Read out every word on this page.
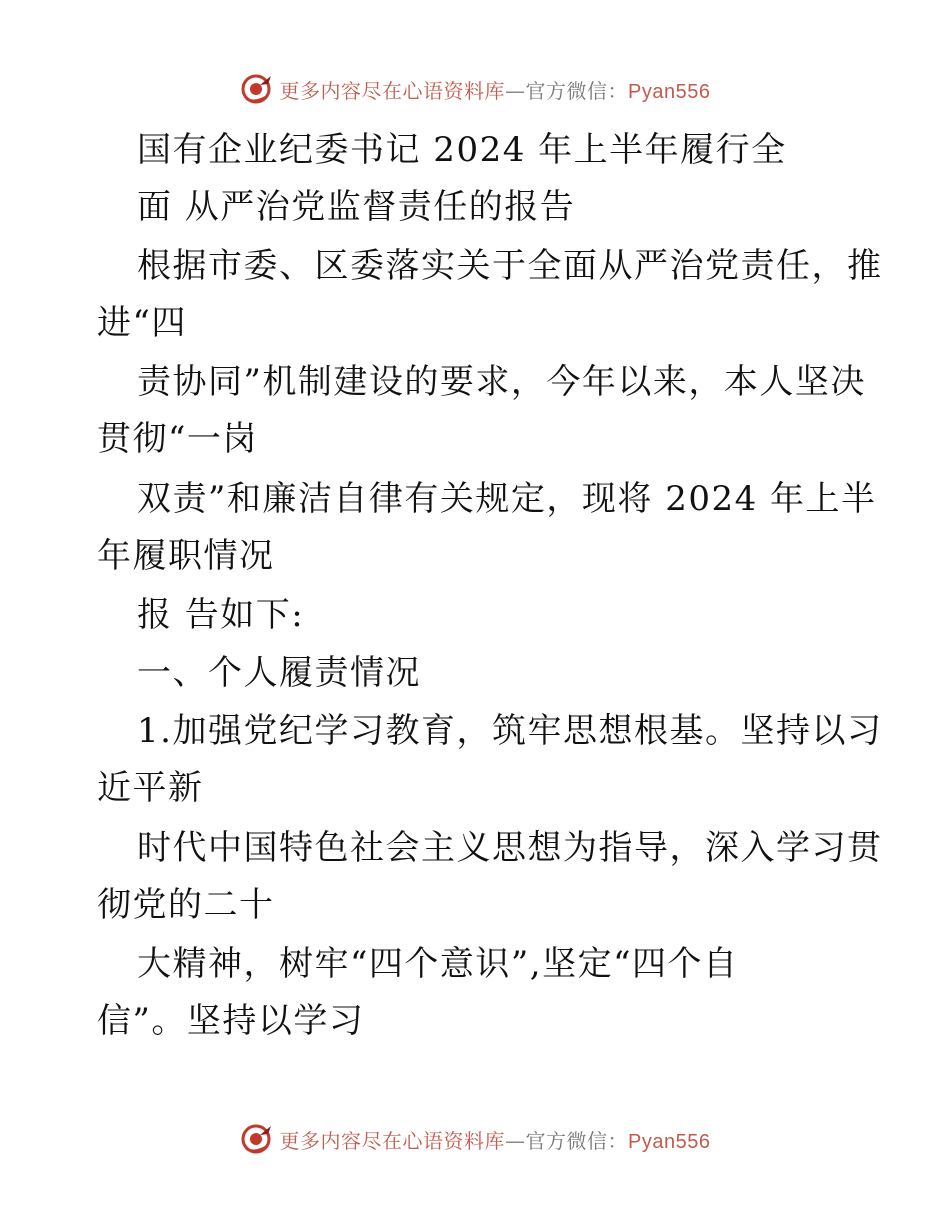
更多内容尽在心语资料库—官方微信：Pyan556
国有企业纪委书记 2024 年上半年履行全
面 从严治党监督责任的报告
根据市委、区委落实关于全面从严治党责任，推
进“四
责协同”机制建设的要求，今年以来，本人坚决
贯彻“一岗
双责”和廉洁自律有关规定，现将 2024 年上半
年履职情况
报 告如下:
一、个人履责情况
1.加强党纪学习教育，筑牢思想根基。坚持以习
近平新
时代中国特色社会主义思想为指导，深入学习贯
彻党的二十
大精神，树牢“四个意识”,坚定“四个自
信”。坚持以学习
更多内容尽在心语资料库—官方微信：Pyan556
